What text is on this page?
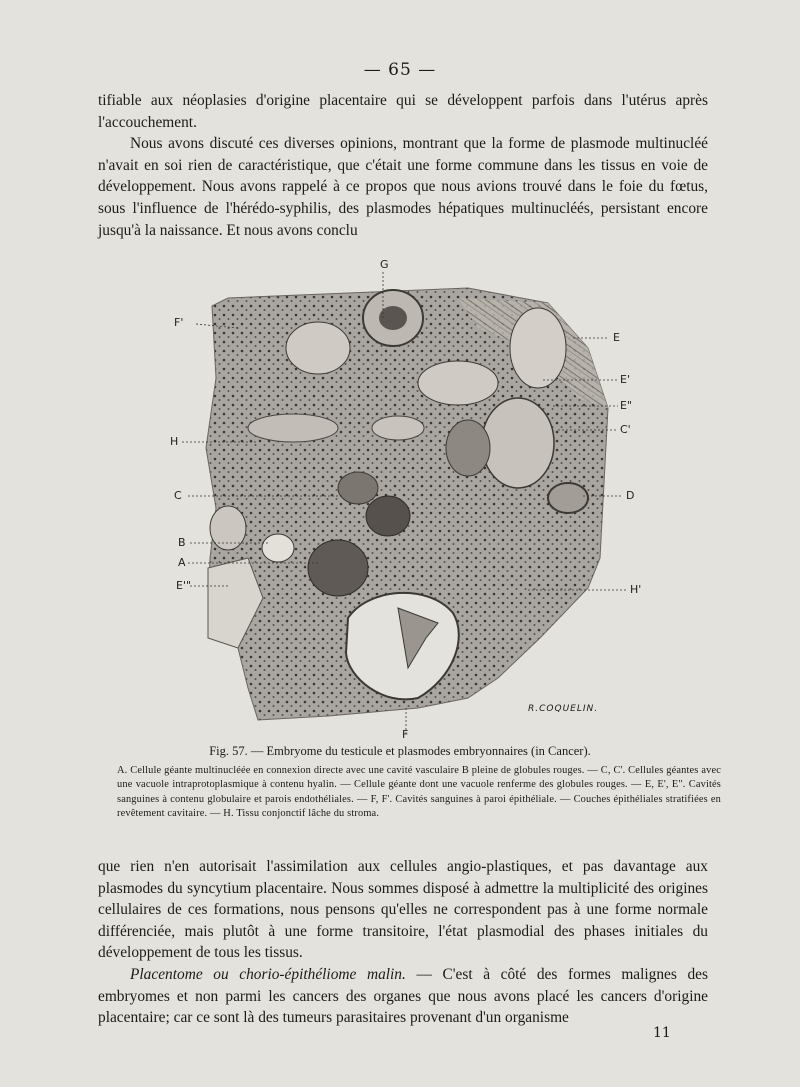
— 65 —

tifiable aux néoplasies d'origine placentaire qui se développent parfois dans l'utérus après l'accouchement.

Nous avons discuté ces diverses opinions, montrant que la forme de plasmode multinucléé n'avait en soi rien de caractéristique, que c'était une forme commune dans les tissus en voie de développement. Nous avons rappelé à ce propos que nous avions trouvé dans le foie du fœtus, sous l'influence de l'hérédo-syphilis, des plasmodes hépatiques multinucléés, persistant encore jusqu'à la naissance. Et nous avons conclu

G
F'
E
E'
E"
C'
H
C	D
B
A
E'"	H'
F
R.COQUELIN.
Fig. 57. — Embryome du testicule et plasmodes embryonnaires (in Cancer).
A. Cellule géante multinucléée en connexion directe avec une cavité vasculaire B pleine de globules rouges. — C, C'. Cellules géantes avec une vacuole intraprotoplasmique à contenu hyalin. — Cellule géante dont une vacuole renferme des globules rouges. — E, E', E". Cavités sanguines à contenu globulaire et parois endothéliales. — F, F'. Cavités sanguines à paroi épithéliale. — Couches épithéliales stratifiées en revêtement cavitaire. — H. Tissu conjonctif lâche du stroma.

que rien n'en autorisait l'assimilation aux cellules angio-plastiques, et pas davantage aux plasmodes du syncytium placentaire. Nous sommes disposé à admettre la multiplicité des origines cellulaires de ces formations, nous pensons qu'elles ne correspondent pas à une forme normale différenciée, mais plutôt à une forme transitoire, l'état plasmodial des phases initiales du développement de tous les tissus.

Placentome ou chorio-épithéliome malin. — C'est à côté des formes malignes des embryomes et non parmi les cancers des organes que nous avons placé les cancers d'origine placentaire; car ce sont là des tumeurs parasitaires provenant d'un organisme

11
